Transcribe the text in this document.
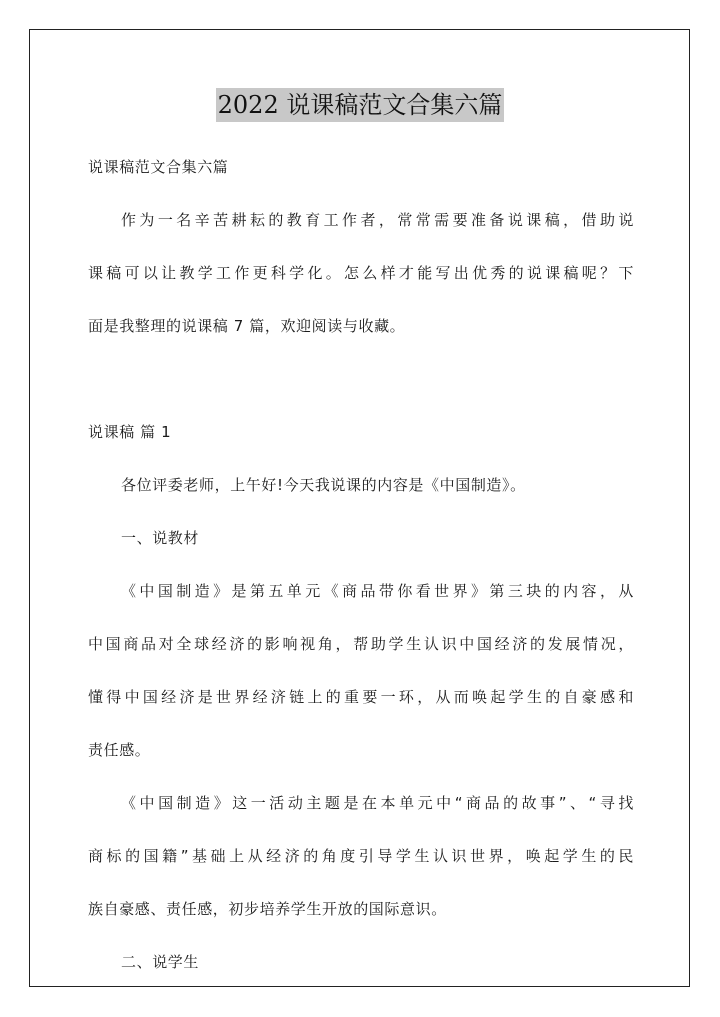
2022 说课稿范文合集六篇
说课稿范文合集六篇
作为一名辛苦耕耘的教育工作者，常常需要准备说课稿，借助说
课稿可以让教学工作更科学化。怎么样才能写出优秀的说课稿呢？下
面是我整理的说课稿 7 篇，欢迎阅读与收藏。
说课稿 篇 1
各位评委老师，上午好!今天我说课的内容是《中国制造》。
一、说教材
《中国制造》是第五单元《商品带你看世界》第三块的内容，从
中国商品对全球经济的影响视角，帮助学生认识中国经济的发展情况，
懂得中国经济是世界经济链上的重要一环，从而唤起学生的自豪感和
责任感。
《中国制造》这一活动主题是在本单元中“商品的故事”、“寻找
商标的国籍”基础上从经济的角度引导学生认识世界，唤起学生的民
族自豪感、责任感，初步培养学生开放的国际意识。
二、说学生
